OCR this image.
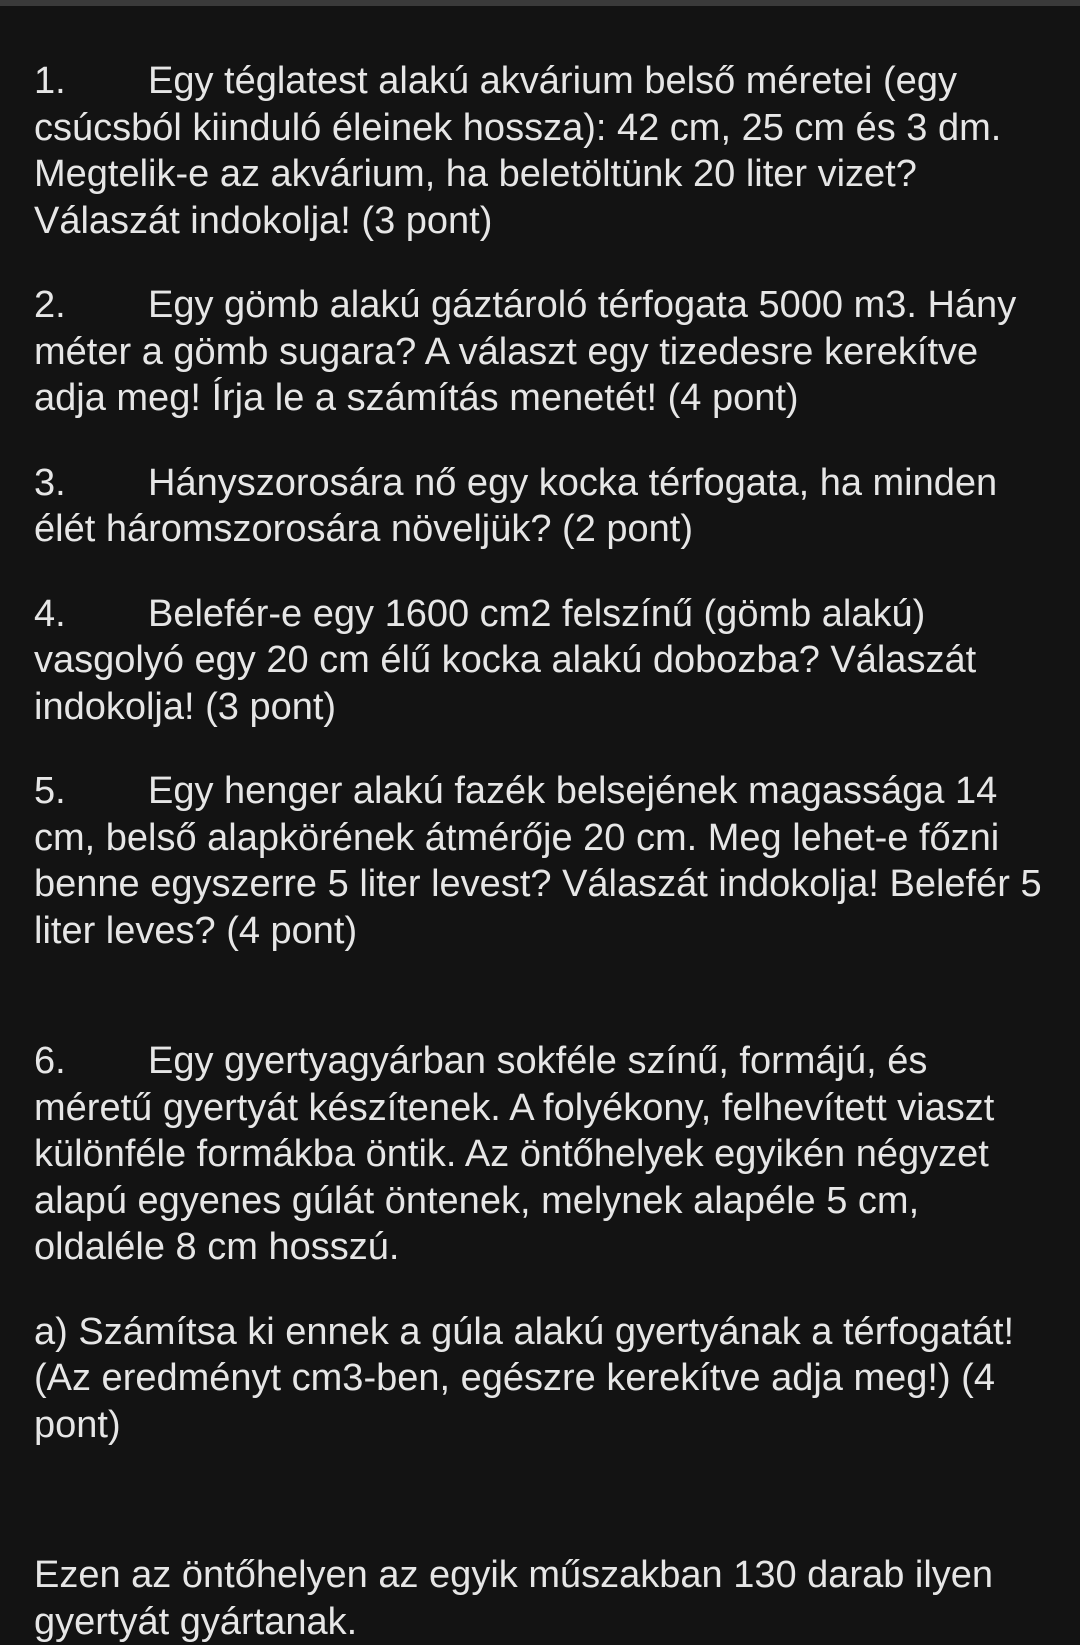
1. Egy téglatest alakú akvárium belső méretei (egy csúcsból kiinduló éleinek hossza): 42 cm, 25 cm és 3 dm. Megtelik-e az akvárium, ha beletöltünk 20 liter vizet? Válaszát indokolja! (3 pont)

2. Egy gömb alakú gáztároló térfogata 5000 m3. Hány méter a gömb sugara? A választ egy tizedesre kerekítve adja meg! Írja le a számítás menetét! (4 pont)

3. Hányszorosára nő egy kocka térfogata, ha minden élét háromszorosára növeljük? (2 pont)

4. Belefér-e egy 1600 cm2 felszínű (gömb alakú) vasgolyó egy 20 cm élű kocka alakú dobozba? Válaszát indokolja! (3 pont)

5. Egy henger alakú fazék belsejének magassága 14 cm, belső alapkörének átmérője 20 cm. Meg lehet-e főzni benne egyszerre 5 liter levest? Válaszát indokolja! Belefér 5 liter leves? (4 pont)

6. Egy gyertyagyárban sokféle színű, formájú, és méretű gyertyát készítenek. A folyékony, felhevített viaszt különféle formákba öntik. Az öntőhelyek egyikén négyzet alapú egyenes gúlát öntenek, melynek alapéle 5 cm, oldaléle 8 cm hosszú.

a) Számítsa ki ennek a gúla alakú gyertyának a térfogatát! (Az eredményt cm3-ben, egészre kerekítve adja meg!) (4 pont)

Ezen az öntőhelyen az egyik műszakban 130 darab ilyen gyertyát gyártanak.
